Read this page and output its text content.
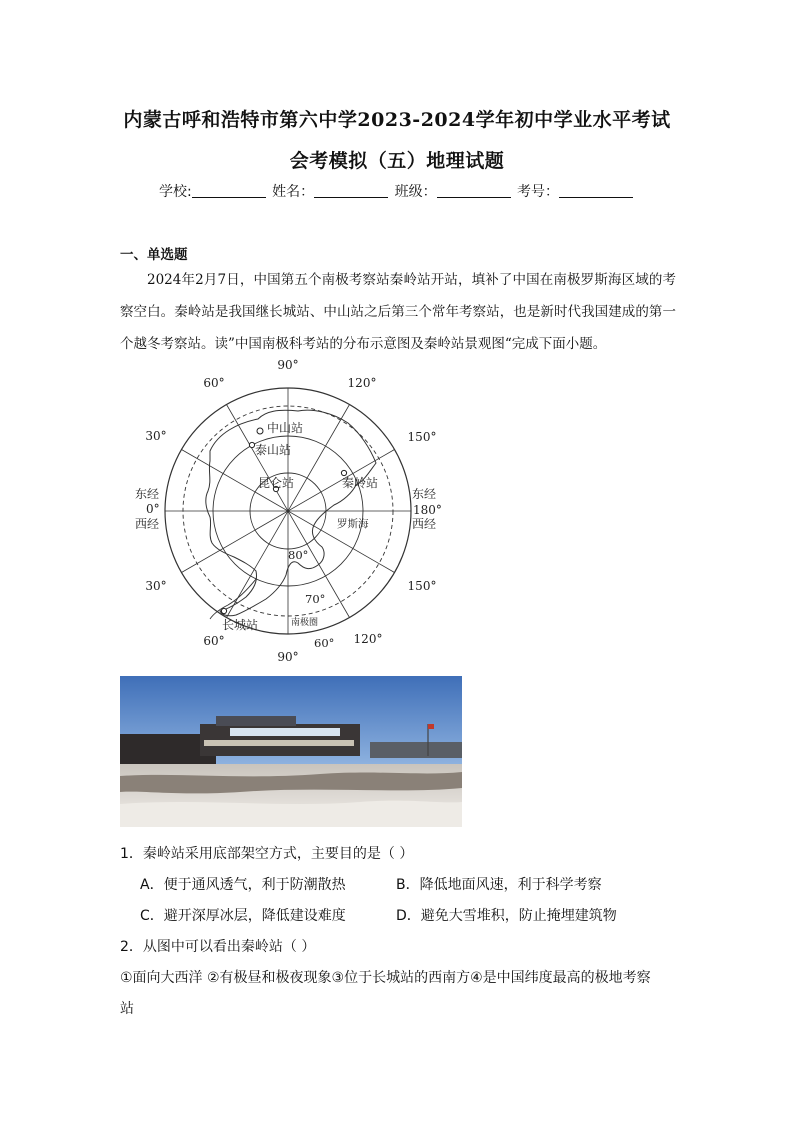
内蒙古呼和浩特市第六中学2023-2024学年初中学业水平考试
会考模拟（五）地理试题
学校:	姓名：	班级：	考号：
一、单选题
2024年2月7日，中国第五个南极考察站秦岭站开站，填补了中国在南极罗斯海区域的考察空白。秦岭站是我国继长城站、中山站之后第三个常年考察站，也是新时代我国建成的第一个越冬考察站。读”中国南极科考站的分布示意图及秦岭站景观图“完成下面小题。
90°
90°
60°	120°
30°	150°
30°	150°
60°	120°
东经
0°
西经
东经
180°
西经
80°
70°
60°
中山站
泰山站
昆仑站	秦岭站
长城站
罗斯海
南极圈
1．秦岭站采用底部架空方式，主要目的是（ ）
A．便于通风透气，利于防潮散热	B．降低地面风速，利于科学考察
C．避开深厚冰层，降低建设难度	D．避免大雪堆积，防止掩埋建筑物
2．从图中可以看出秦岭站（ ）
①面向大西洋 ②有极昼和极夜现象③位于长城站的西南方④是中国纬度最高的极地考察
站
